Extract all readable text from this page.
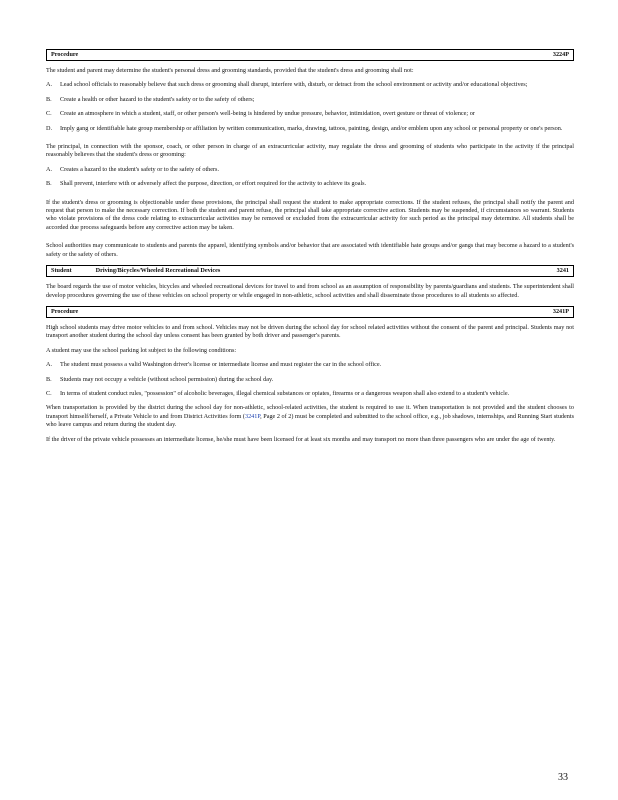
Procedure	3224P

The student and parent may determine the student's personal dress and grooming standards, provided that the student's dress and grooming shall not:

A.	Lead school officials to reasonably believe that such dress or grooming shall disrupt, interfere with, disturb, or detract from the school environment or activity and/or educational objectives;
B.	Create a health or other hazard to the student's safety or to the safety of others;
C.	Create an atmosphere in which a student, staff, or other person's well-being is hindered by undue pressure, behavior, intimidation, overt gesture or threat of violence; or
D.	Imply gang or identifiable hate group membership or affiliation by written communication, marks, drawing, tattoos, painting, design, and/or emblem upon any school or personal property or one's person.

The principal, in connection with the sponsor, coach, or other person in charge of an extracurricular activity, may regulate the dress and grooming of students who participate in the activity if the principal reasonably believes that the student's dress or grooming:

A.	Creates a hazard to the student's safety or to the safety of others.
B.	Shall prevent, interfere with or adversely affect the purpose, direction, or effort required for the activity to achieve its goals.

If the student's dress or grooming is objectionable under these provisions, the principal shall request the student to make appropriate corrections. If the student refuses, the principal shall notify the parent and request that person to make the necessary correction. If both the student and parent refuse, the principal shall take appropriate corrective action. Students may be suspended, if circumstances so warrant. Students who violate provisions of the dress code relating to extracurricular activities may be removed or excluded from the extracurricular activity for such period as the principal may determine. All students shall be accorded due process safeguards before any corrective action may be taken.

School authorities may communicate to students and parents the apparel, identifying symbols and/or behavior that are associated with identifiable hate groups and/or gangs that may become a hazard to a student's safety or the safety of others.

Student	Driving/Bicycles/Wheeled Recreational Devices	3241

The board regards the use of motor vehicles, bicycles and wheeled recreational devices for travel to and from school as an assumption of responsibility by parents/guardians and students. The superintendent shall develop procedures governing the use of these vehicles on school property or while engaged in non-athletic, school activities and shall disseminate those procedures to all students so affected.

Procedure	3241P

High school students may drive motor vehicles to and from school. Vehicles may not be driven during the school day for school related activities without the consent of the parent and principal. Students may not transport another student during the school day unless consent has been granted by both driver and passenger's parents.

A student may use the school parking lot subject to the following conditions:

A.	The student must possess a valid Washington driver's license or intermediate license and must register the car in the school office.
B.	Students may not occupy a vehicle (without school permission) during the school day.
C.	In terms of student conduct rules, "possession" of alcoholic beverages, illegal chemical substances or opiates, firearms or a dangerous weapon shall also extend to a student's vehicle.

When transportation is provided by the district during the school day for non-athletic, school-related activities, the student is required to use it. When transportation is not provided and the student chooses to transport himself/herself, a Private Vehicle to and from District Activities form (3241P, Page 2 of 2) must be completed and submitted to the school office, e.g., job shadows, internships, and Running Start students who leave campus and return during the student day.

If the driver of the private vehicle possesses an intermediate license, he/she must have been licensed for at least six months and may transport no more than three passengers who are under the age of twenty.

33
